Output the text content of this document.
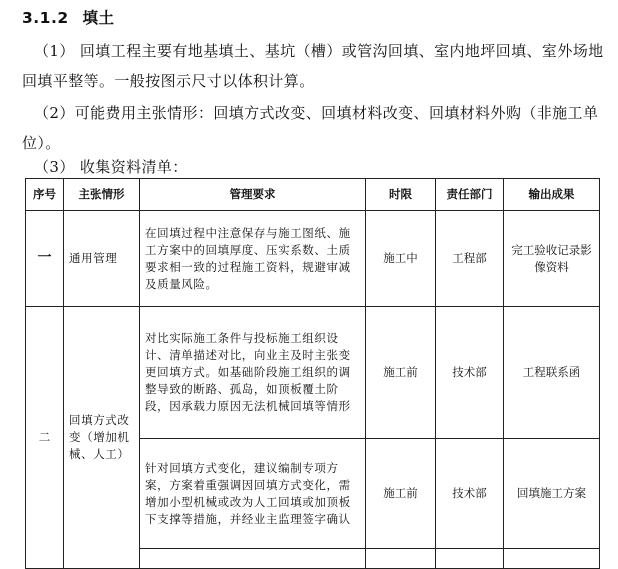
3.1.2 填土
（1） 回填工程主要有地基填土、基坑（槽）或管沟回填、室内地坪回填、室外场地回填平整等。一般按图示尺寸以体积计算。
（2）可能费用主张情形：回填方式改变、回填材料改变、回填材料外购（非施工单位）。
（3） 收集资料清单：
序号	主张情形	管理要求	时限	责任部门	输出成果
一	通用管理	在回填过程中注意保存与施工图纸、施工方案中的回填厚度、压实系数、土质要求相一致的过程施工资料，规避审减及质量风险。	施工中	工程部	完工验收记录影像资料
二	回填方式改变（增加机械、人工）	对比实际施工条件与投标施工组织设计、清单描述对比，向业主及时主张变更回填方式。如基础阶段施工组织的调整导致的断路、孤岛，如顶板覆土阶段，因承载力原因无法机械回填等情形	施工前	技术部	工程联系函
		针对回填方式变化，建议编制专项方案，方案着重强调因回填方式变化，需增加小型机械或改为人工回填或加顶板下支撑等措施，并经业主监理签字确认	施工前	技术部	回填施工方案
